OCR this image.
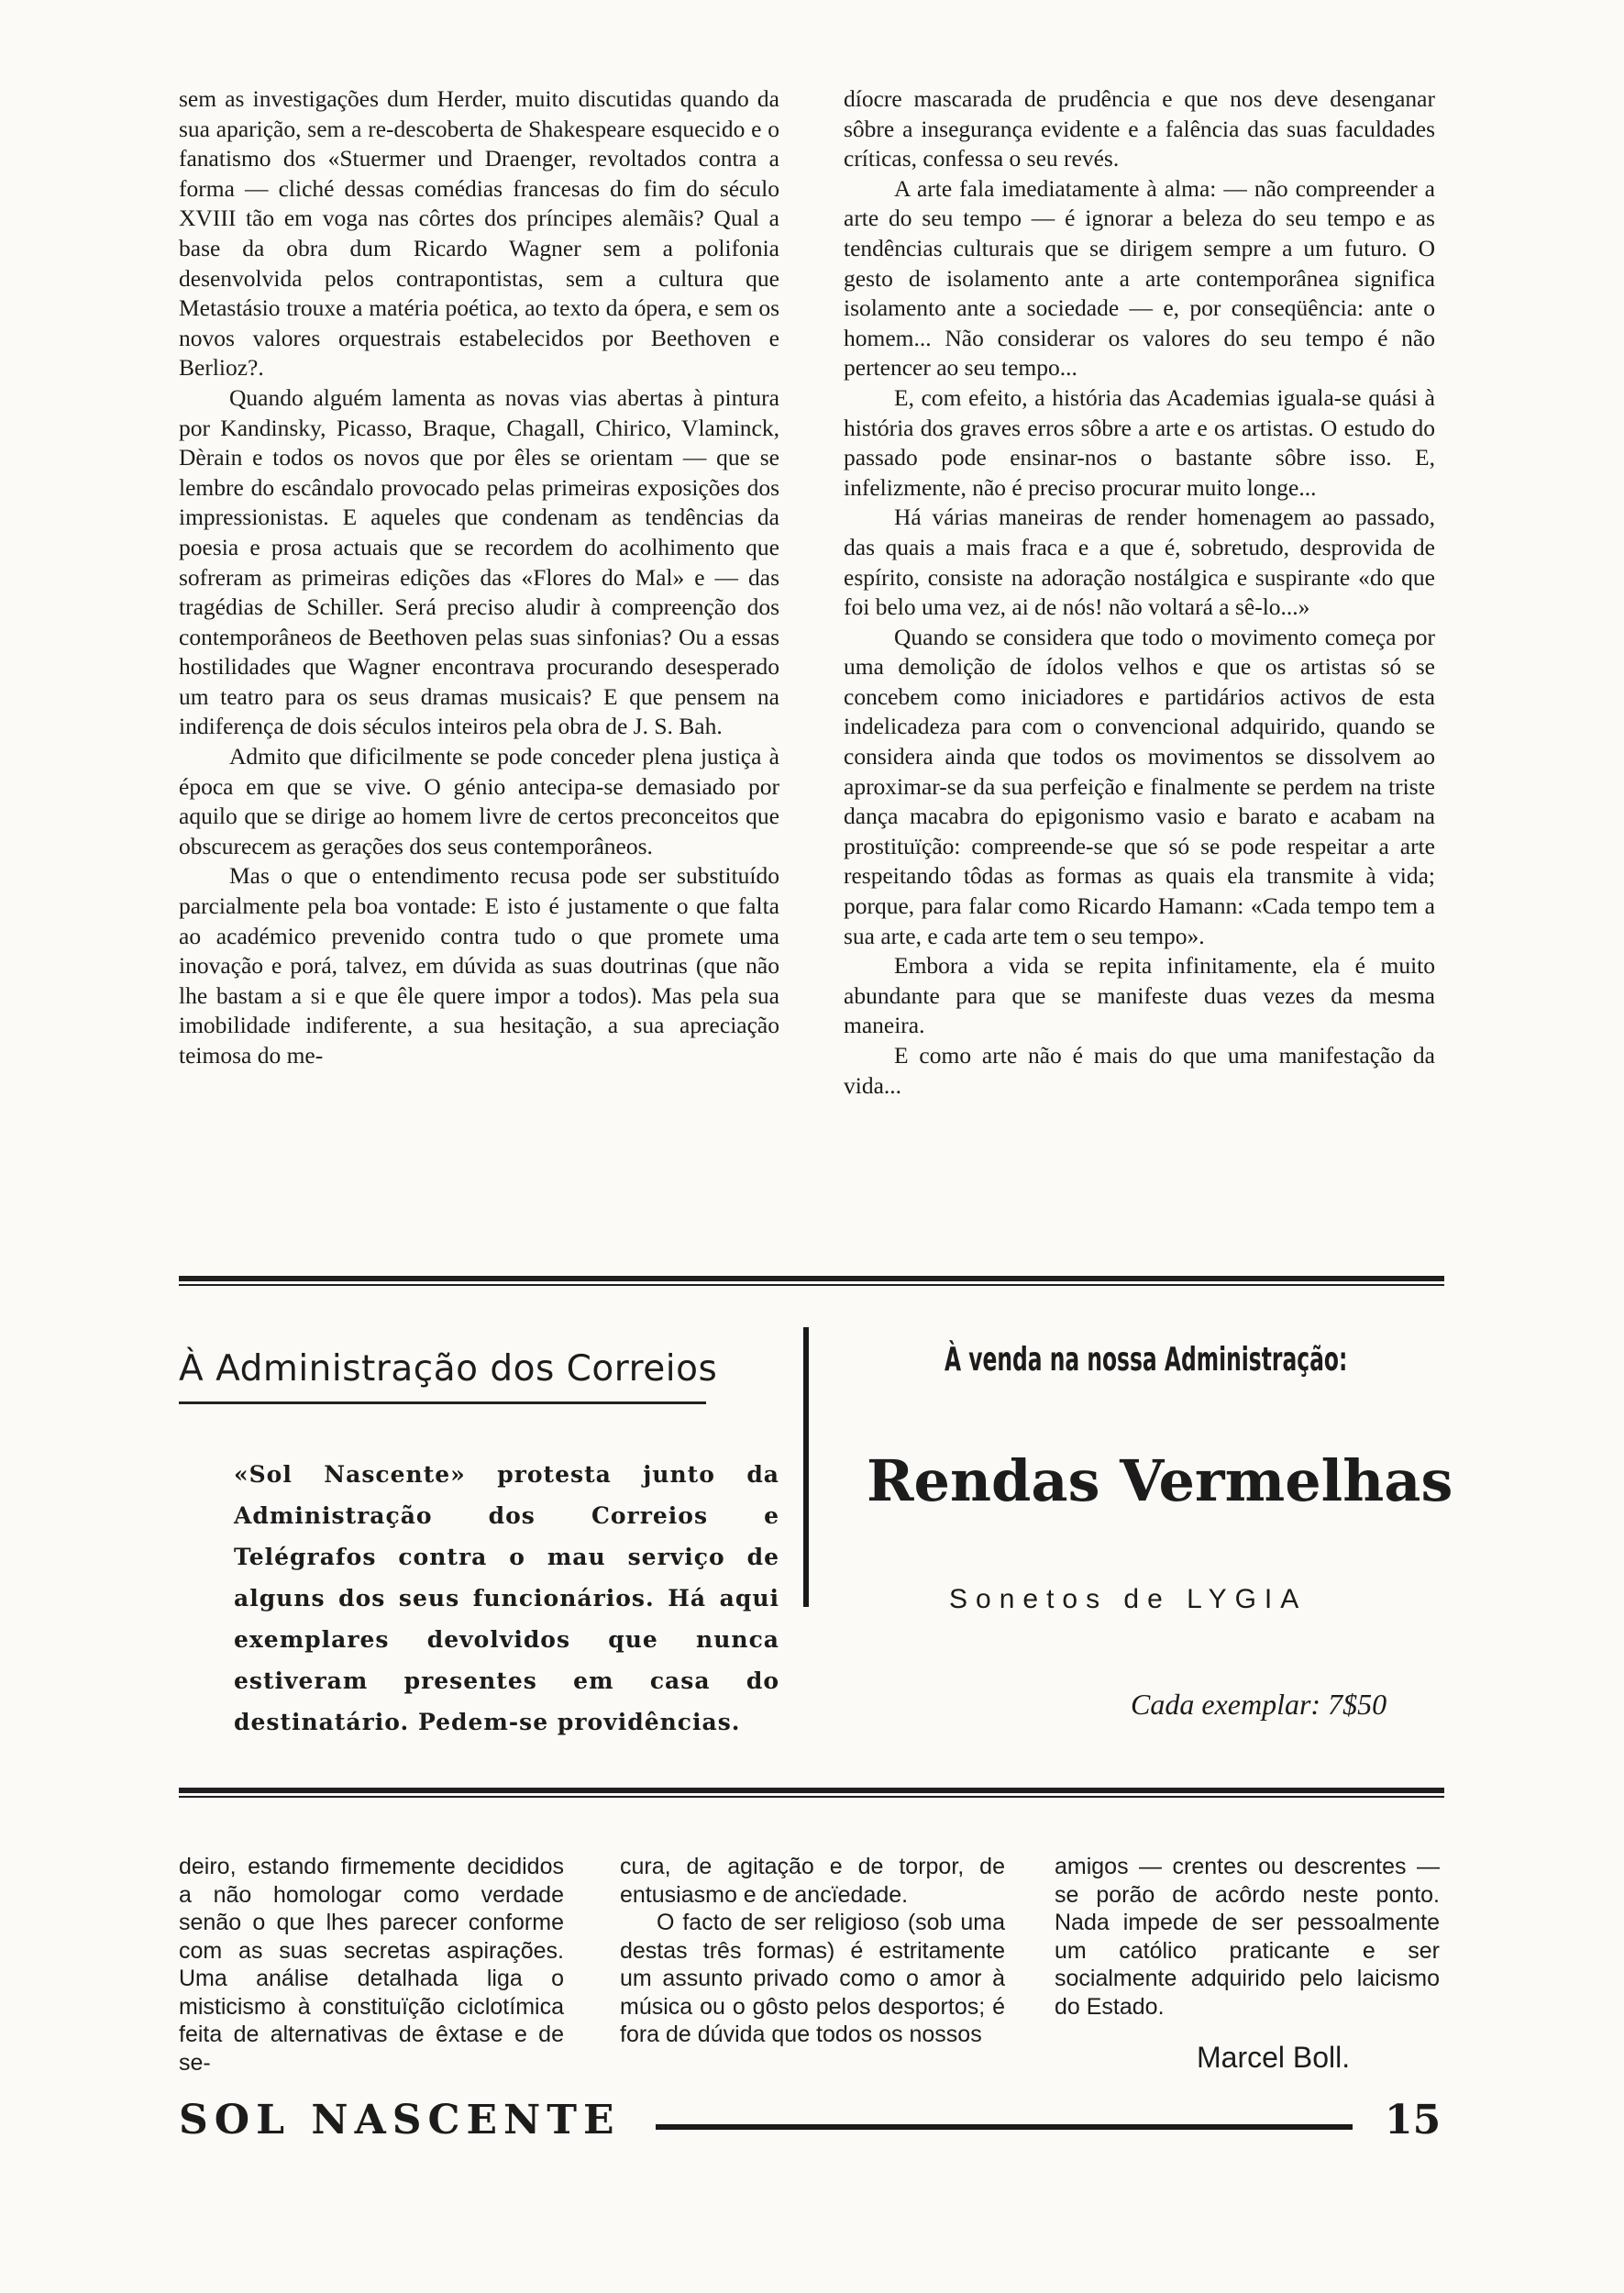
sem as investigações dum Herder, muito discutidas quando da sua aparição, sem a re-descoberta de Shakespeare esquecido e o fanatismo dos «Stuermer und Draenger, revoltados contra a forma — cliché dessas comédias francesas do fim do século XVIII tão em voga nas côrtes dos príncipes alemãis? Qual a base da obra dum Ricardo Wagner sem a polifonia desenvolvida pelos contrapontistas, sem a cultura que Metastásio trouxe a matéria poética, ao texto da ópera, e sem os novos valores orquestrais estabelecidos por Beethoven e Berlioz?.

Quando alguém lamenta as novas vias abertas à pintura por Kandinsky, Picasso, Braque, Chagall, Chirico, Vlaminck, Dèrain e todos os novos que por êles se orientam — que se lembre do escândalo provocado pelas primeiras exposições dos impressionistas. E aqueles que condenam as tendências da poesia e prosa actuais que se recordem do acolhimento que sofreram as primeiras edições das «Flores do Mal» e — das tragédias de Schiller. Será preciso aludir à compreenção dos contemporâneos de Beethoven pelas suas sinfonias? Ou a essas hostilidades que Wagner encontrava procurando desesperado um teatro para os seus dramas musicais? E que pensem na indiferença de dois séculos inteiros pela obra de J. S. Bah.

Admito que dificilmente se pode conceder plena justiça à época em que se vive. O génio antecipa-se demasiado por aquilo que se dirige ao homem livre de certos preconceitos que obscurecem as gerações dos seus contemporâneos.

Mas o que o entendimento recusa pode ser substituído parcialmente pela boa vontade: E isto é justamente o que falta ao académico prevenido contra tudo o que promete uma inovação e porá, talvez, em dúvida as suas doutrinas (que não lhe bastam a si e que êle quere impor a todos). Mas pela sua imobilidade indiferente, a sua hesitação, a sua apreciação teimosa do me-

díocre mascarada de prudência e que nos deve desenganar sôbre a insegurança evidente e a falência das suas faculdades críticas, confessa o seu revés.

A arte fala imediatamente à alma: — não compreender a arte do seu tempo — é ignorar a beleza do seu tempo e as tendências culturais que se dirigem sempre a um futuro. O gesto de isolamento ante a arte contemporânea significa isolamento ante a sociedade — e, por conseqüência: ante o homem... Não considerar os valores do seu tempo é não pertencer ao seu tempo...

E, com efeito, a história das Academias iguala-se quási à história dos graves erros sôbre a arte e os artistas. O estudo do passado pode ensinar-nos o bastante sôbre isso. E, infelizmente, não é preciso procurar muito longe...

Há várias maneiras de render homenagem ao passado, das quais a mais fraca e a que é, sobretudo, desprovida de espírito, consiste na adoração nostálgica e suspirante «do que foi belo uma vez, ai de nós! não voltará a sê-lo...»

Quando se considera que todo o movimento começa por uma demolição de ídolos velhos e que os artistas só se concebem como iniciadores e partidários activos de esta indelicadeza para com o convencional adquirido, quando se considera ainda que todos os movimentos se dissolvem ao aproximar-se da sua perfeição e finalmente se perdem na triste dança macabra do epigonismo vasio e barato e acabam na prostituïção: compreende-se que só se pode respeitar a arte respeitando tôdas as formas as quais ela transmite à vida; porque, para falar como Ricardo Hamann: «Cada tempo tem a sua arte, e cada arte tem o seu tempo».

Embora a vida se repita infinitamente, ela é muito abundante para que se manifeste duas vezes da mesma maneira.

E como arte não é mais do que uma manifestação da vida...

À Administração dos Correios
«Sol Nascente» protesta junto da Administração dos Correios e Telégrafos contra o mau serviço de alguns dos seus funcionários. Há aqui exemplares devolvidos que nunca estiveram presentes em casa do destinatário. Pedem-se providências.
À venda na nossa Administração:
Rendas Vermelhas
Sonetos de LYGIA
Cada exemplar: 7$50

deiro, estando firmemente decididos a não homologar como verdade senão o que lhes parecer conforme com as suas secretas aspirações. Uma análise detalhada liga o misticismo à constituïção ciclotímica feita de alternativas de êxtase e de se-

cura, de agitação e de torpor, de entusiasmo e de ancïedade.

O facto de ser religioso (sob uma destas três formas) é estritamente um assunto privado como o amor à música ou o gôsto pelos desportos; é fora de dúvida que todos os nossos

amigos — crentes ou descrentes — se porão de acôrdo neste ponto. Nada impede de ser pessoalmente um católico praticante e ser socialmente adquirido pelo laicismo do Estado.

Marcel Boll.
SOL NASCENTE	15
